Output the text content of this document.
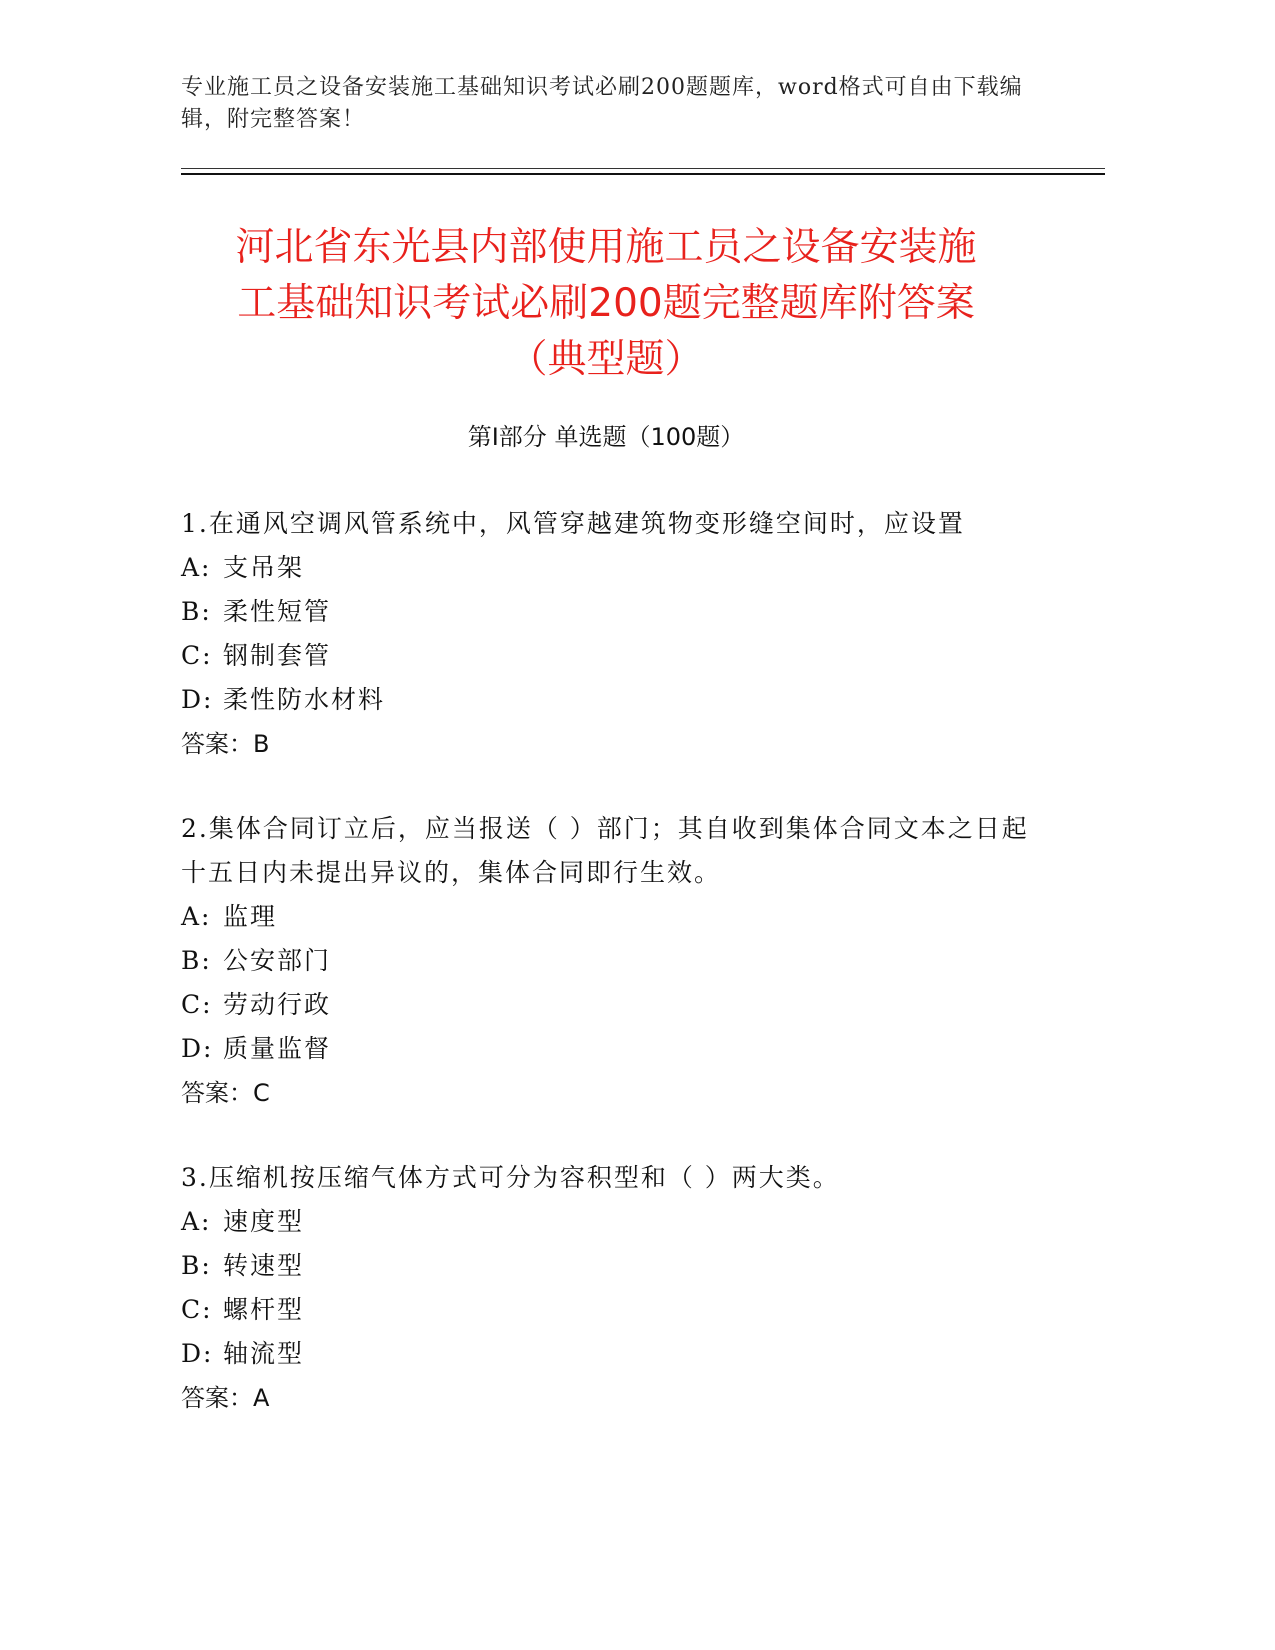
专业施工员之设备安装施工基础知识考试必刷200题题库，word格式可自由下载编辑，附完整答案！
河北省东光县内部使用施工员之设备安装施
工基础知识考试必刷200题完整题库附答案
（典型题）
第Ⅰ部分 单选题（100题）
1.在通风空调风管系统中，风管穿越建筑物变形缝空间时，应设置
A: 支吊架
B: 柔性短管
C: 钢制套管
D: 柔性防水材料
答案：B
2.集体合同订立后，应当报送（ ）部门；其自收到集体合同文本之日起十五日内未提出异议的，集体合同即行生效。
A: 监理
B: 公安部门
C: 劳动行政
D: 质量监督
答案：C
3.压缩机按压缩气体方式可分为容积型和（ ）两大类。
A: 速度型
B: 转速型
C: 螺杆型
D: 轴流型
答案：A
